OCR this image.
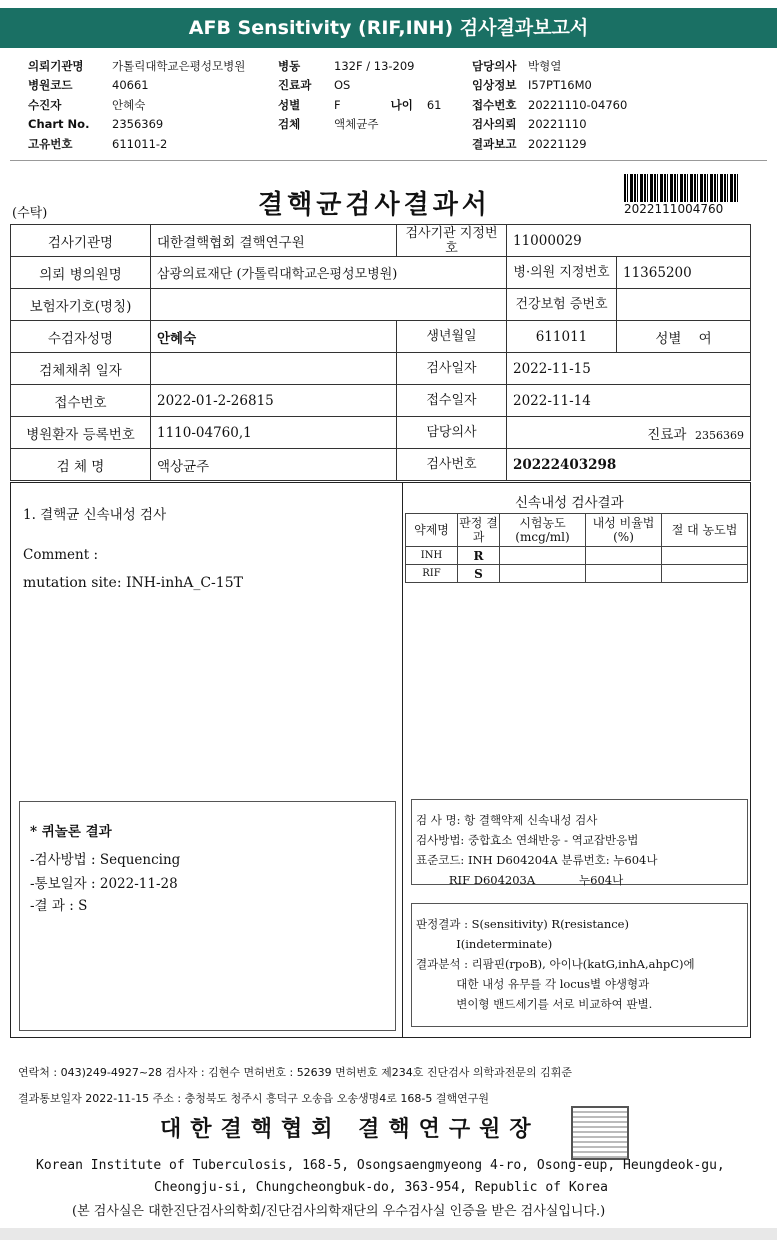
AFB Sensitivity (RIF,INH) 검사결과보고서
의뢰기관명	가톨릭대학교은평성모병원	병동	132F / 13-209	담당의사	박형열
병원코드	40661	진료과	OS	임상정보	I57PT16M0
수진자	안혜숙	성별	F	나이 61	접수번호	20221110-04760
Chart No.	2356369	검체	액체균주	검사의뢰	20221110
고유번호	611011-2	결과보고	20221129
(수탁)	결핵균검사결과서	2022111004760
검사기관명	대한결핵협회 결핵연구원	검사기관 지정번호	11000029	
의뢰 병의원명	삼광의료재단 (가톨릭대학교은평성모병원)		병·의원 지정번호	11365200
보험자기호(명칭)			건강보험 증번호	
수검자성명	안혜숙	생년월일	611011	성별 여
검체채취 일자		검사일자	2022-11-15	
접수번호	2022-01-2-26815	접수일자	2022-11-14	
병원환자 등록번호	1110-04760,1	담당의사	진료과 2356369	
검 체 명	액상균주	검사번호	20222403298	
1. 결핵균 신속내성 검사
Comment :
mutation site: INH-inhA_C-15T
* 퀴놀론 결과
-검사방법 : Sequencing
-통보일자 : 2022-11-28
-결 과 : S
신속내성 검사결과
약제명	판정 결과	시험농도 (mcg/ml)	내성 비율법(%)	절 대 농도법
INH	R			
RIF	S			
검 사 명: 항 결핵약제 신속내성 검사
검사방법: 중합효소 연쇄반응 - 역교잡반응법
표준코드: INH D604204A 분류번호: 누604나
RIF D604203A            누604나
판정결과 : S(sensitivity) R(resistance)
I(indeterminate)
결과분석 : 리팜핀(rpoB), 아이나(katG,inhA,ahpC)에
대한 내성 유무를 각 locus별 야생형과
변이형 밴드세기를 서로 비교하여 판별.
연락처 : 043)249-4927~28 검사자 : 김현수 면허번호 : 52639 면허번호 제234호 진단검사 의학과전문의 김휘준
결과통보일자 2022-11-15 주소 : 충청북도 청주시 흥덕구 오송읍 오송생명4로 168-5 결핵연구원
대한결핵협회 결핵연구원장
Korean Institute of Tuberculosis, 168-5, Osongsaengmyeong 4-ro, Osong-eup, Heungdeok-gu,
Cheongju-si, Chungcheongbuk-do, 363-954, Republic of Korea
(본 검사실은 대한진단검사의학회/진단검사의학재단의 우수검사실 인증을 받은 검사실입니다.)
